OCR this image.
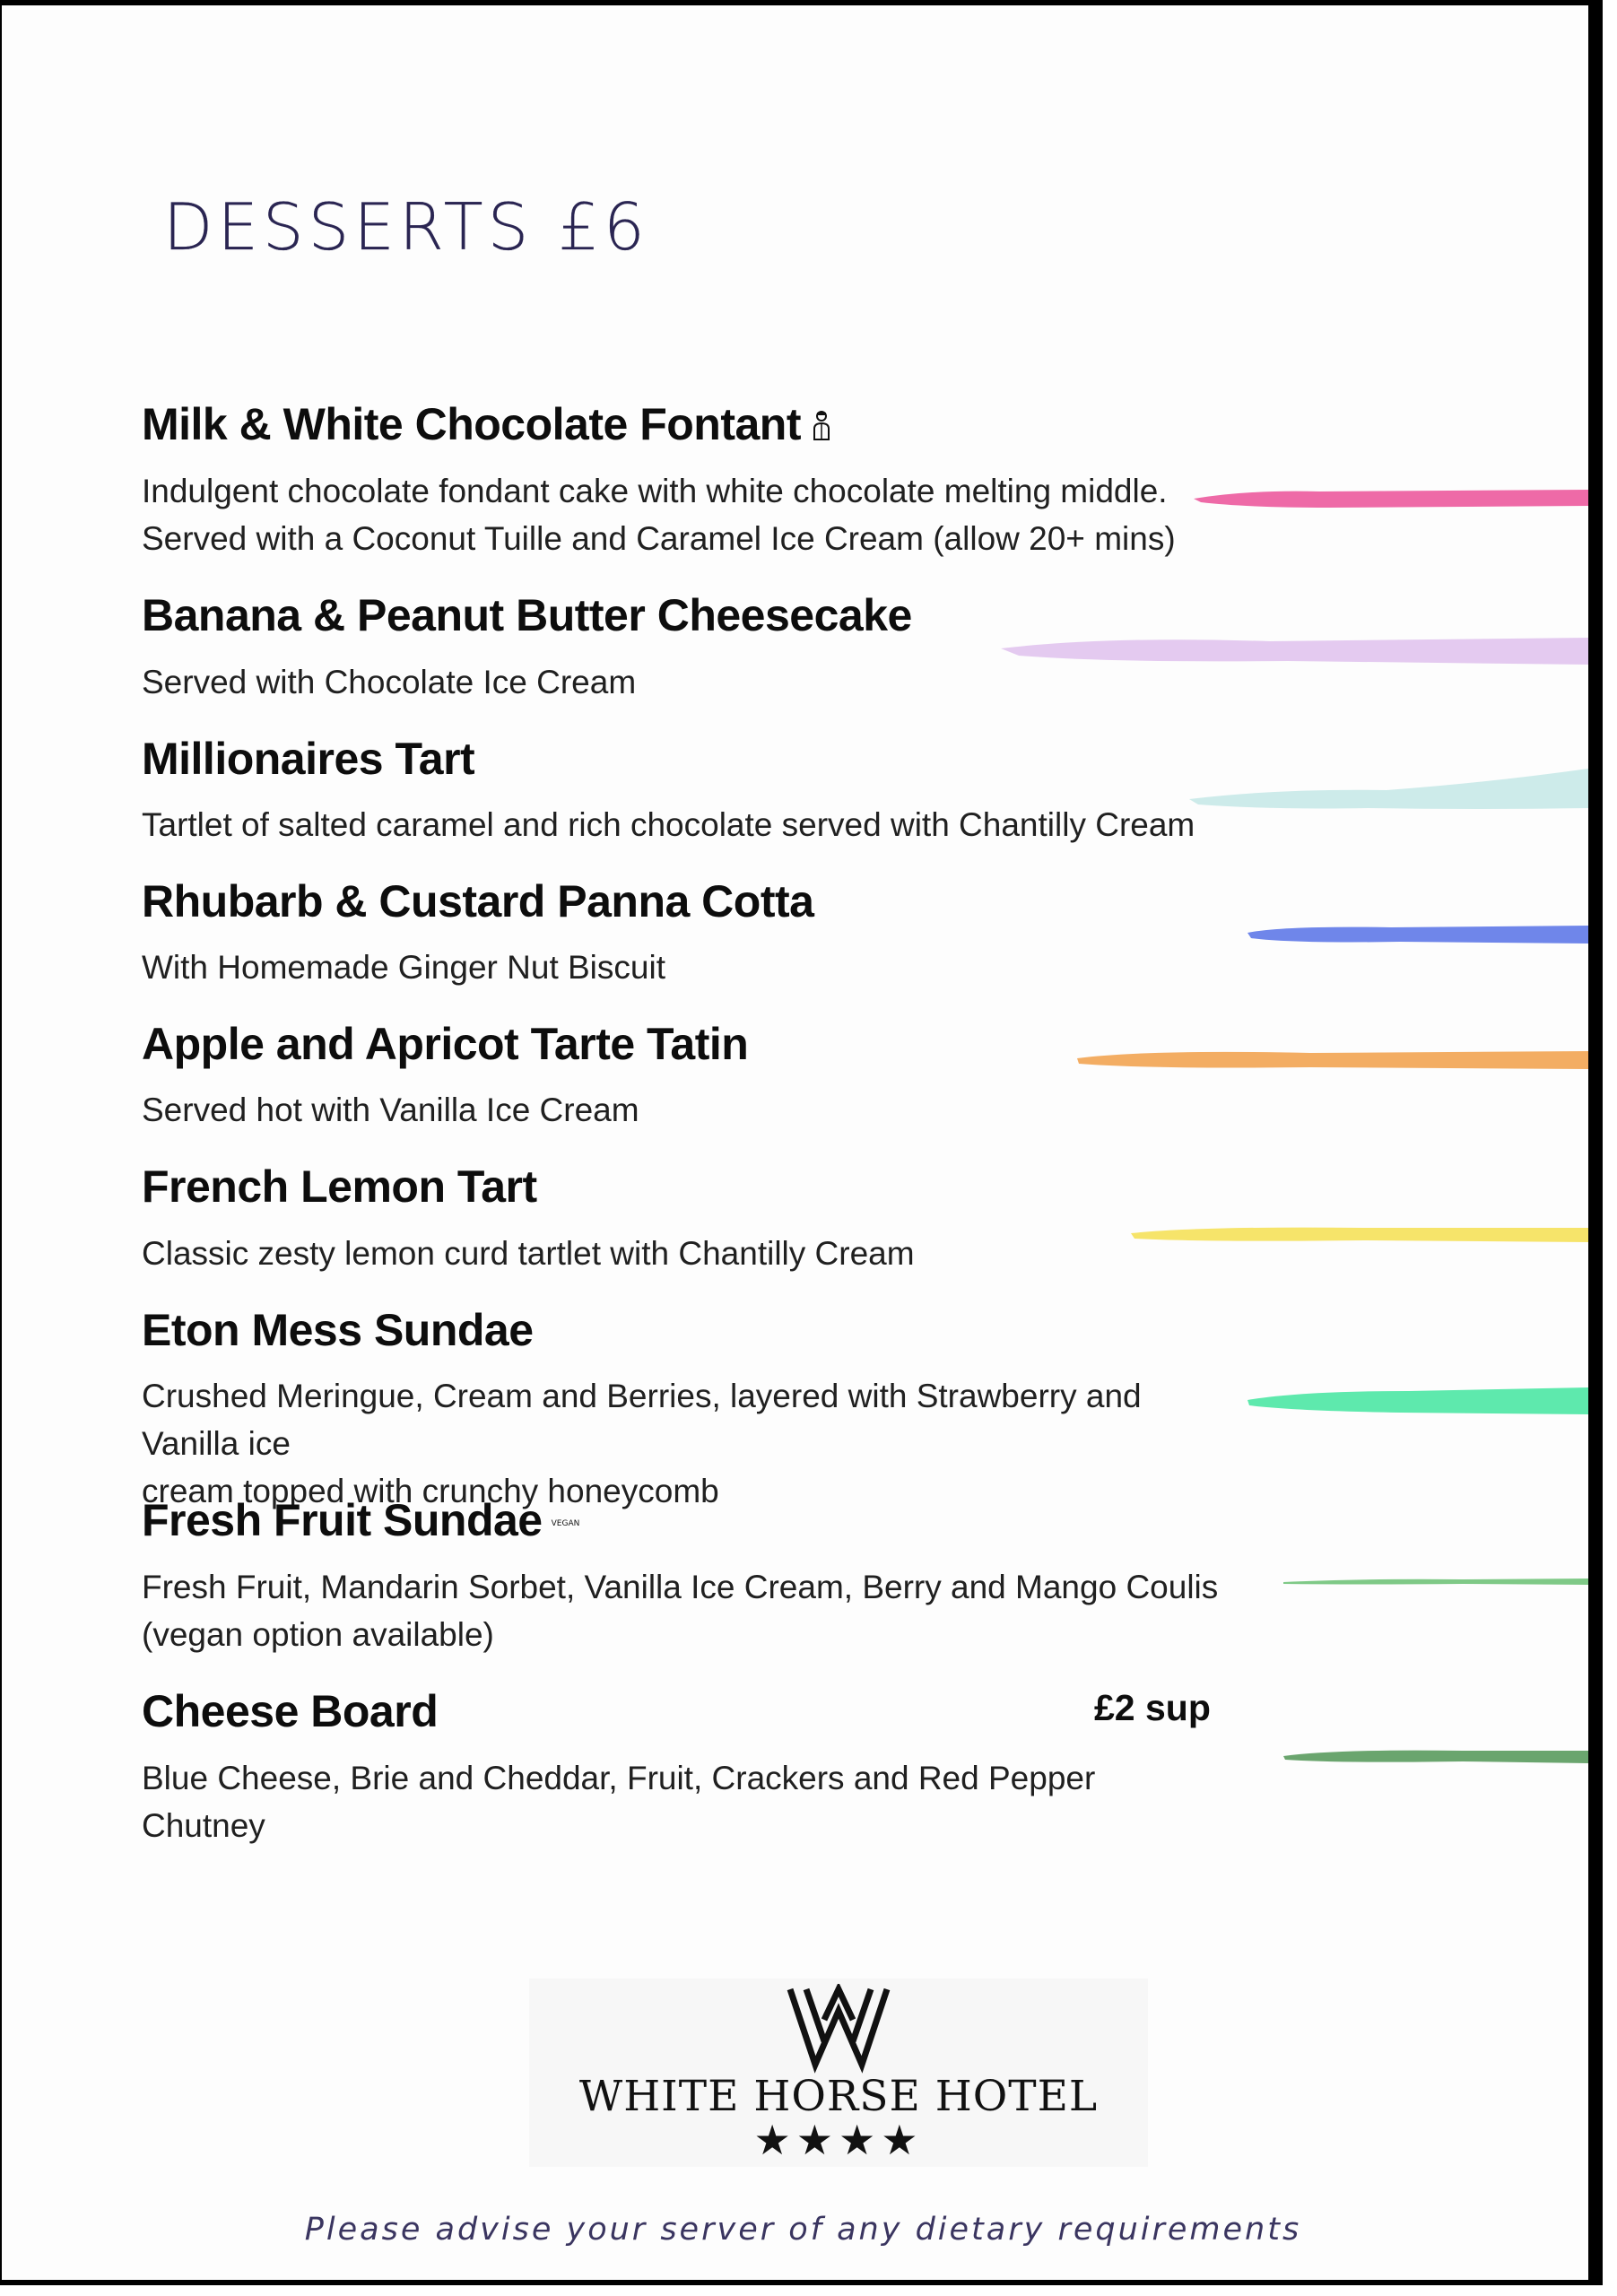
DESSERTS £6
Milk & White Chocolate Fontant
Indulgent chocolate fondant cake with white chocolate melting middle.
Served with a Coconut Tuille and Caramel Ice Cream (allow 20+ mins)
Banana & Peanut Butter Cheesecake
Served with Chocolate Ice Cream
Millionaires Tart
Tartlet of salted caramel and rich chocolate served with Chantilly Cream
Rhubarb & Custard Panna Cotta
With Homemade Ginger Nut Biscuit
Apple and Apricot Tarte Tatin
Served hot with Vanilla Ice Cream
French Lemon Tart
Classic zesty lemon curd tartlet with Chantilly Cream
Eton Mess Sundae
Crushed Meringue, Cream and Berries, layered with Strawberry and Vanilla ice
cream topped with crunchy honeycomb
Fresh Fruit Sundae VEGAN
Fresh Fruit, Mandarin Sorbet, Vanilla Ice Cream, Berry and Mango Coulis
(vegan option available)
Cheese Board	£2 sup
Blue Cheese, Brie and Cheddar, Fruit, Crackers and Red Pepper
Chutney
WHITE HORSE HOTEL
★★★★
Please advise your server of any dietary requirements
